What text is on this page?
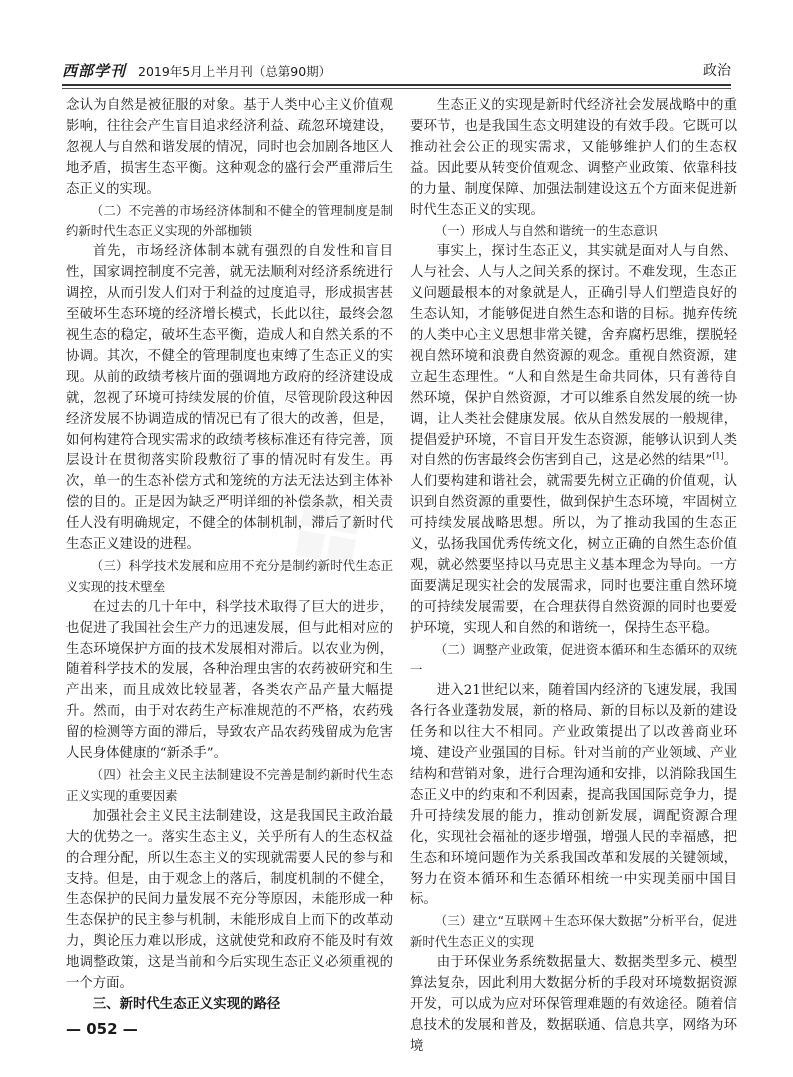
西部学刊 2019年5月上半月刊（总第90期）	政治

念认为自然是被征服的对象。基于人类中心主义价值观影响，往往会产生盲目追求经济利益、疏忽环境建设，忽视人与自然和谐发展的情况，同时也会加剧各地区人地矛盾，损害生态平衡。这种观念的盛行会严重滞后生态正义的实现。

（二）不完善的市场经济体制和不健全的管理制度是制约新时代生态正义实现的外部枷锁

首先，市场经济体制本就有强烈的自发性和盲目性，国家调控制度不完善，就无法顺利对经济系统进行调控，从而引发人们对于利益的过度追寻，形成损害甚至破坏生态环境的经济增长模式，长此以往，最终会忽视生态的稳定，破坏生态平衡，造成人和自然关系的不协调。其次，不健全的管理制度也束缚了生态正义的实现。从前的政绩考核片面的强调地方政府的经济建设成就，忽视了环境可持续发展的价值，尽管现阶段这种因经济发展不协调造成的情况已有了很大的改善，但是，如何构建符合现实需求的政绩考核标准还有待完善，顶层设计在贯彻落实阶段敷衍了事的情况时有发生。再次，单一的生态补偿方式和笼统的方法无法达到主体补偿的目的。正是因为缺乏严明详细的补偿条款，相关责任人没有明确规定，不健全的体制机制，滞后了新时代生态正义建设的进程。

（三）科学技术发展和应用不充分是制约新时代生态正义实现的技术壁垒

在过去的几十年中，科学技术取得了巨大的进步，也促进了我国社会生产力的迅速发展，但与此相对应的生态环境保护方面的技术发展相对滞后。以农业为例，随着科学技术的发展，各种治理虫害的农药被研究和生产出来，而且成效比较显著，各类农产品产量大幅提升。然而，由于对农药生产标准规范的不严格，农药残留的检测等方面的滞后，导致农产品农药残留成为危害人民身体健康的“新杀手”。

（四）社会主义民主法制建设不完善是制约新时代生态正义实现的重要因素

加强社会主义民主法制建设，这是我国民主政治最大的优势之一。落实生态主义，关乎所有人的生态权益的合理分配，所以生态主义的实现就需要人民的参与和支持。但是，由于观念上的落后，制度机制的不健全，生态保护的民间力量发展不充分等原因，未能形成一种生态保护的民主参与机制，未能形成自上而下的改革动力，舆论压力难以形成，这就使党和政府不能及时有效地调整政策，这是当前和今后实现生态正义必须重视的一个方面。

三、新时代生态正义实现的路径

生态正义的实现是新时代经济社会发展战略中的重要环节，也是我国生态文明建设的有效手段。它既可以推动社会公正的现实需求，又能够维护人们的生态权益。因此要从转变价值观念、调整产业政策、依靠科技的力量、制度保障、加强法制建设这五个方面来促进新时代生态正义的实现。

（一）形成人与自然和谐统一的生态意识

事实上，探讨生态正义，其实就是面对人与自然、人与社会、人与人之间关系的探讨。不难发现，生态正义问题最根本的对象就是人，正确引导人们塑造良好的生态认知，才能够促进自然生态和谐的目标。抛弃传统的人类中心主义思想非常关键，舍弃腐朽思维，摆脱轻视自然环境和浪费自然资源的观念。重视自然资源，建立起生态理性。“人和自然是生命共同体，只有善待自然环境，保护自然资源，才可以维系自然发展的统一协调，让人类社会健康发展。依从自然发展的一般规律，提倡爱护环境，不盲目开发生态资源，能够认识到人类对自然的伤害最终会伤害到自己，这是必然的结果”[1]。人们要构建和谐社会，就需要先树立正确的价值观，认识到自然资源的重要性，做到保护生态环境，牢固树立可持续发展战略思想。所以，为了推动我国的生态正义，弘扬我国优秀传统文化，树立正确的自然生态价值观，就必然要坚持以马克思主义基本理念为导向。一方面要满足现实社会的发展需求，同时也要注重自然环境的可持续发展需要，在合理获得自然资源的同时也要爱护环境，实现人和自然的和谐统一，保持生态平稳。

（二）调整产业政策，促进资本循环和生态循环的双统一

进入21世纪以来，随着国内经济的飞速发展，我国各行各业蓬勃发展，新的格局、新的目标以及新的建设任务和以往大不相同。产业政策提出了以改善商业环境、建设产业强国的目标。针对当前的产业领域、产业结构和营销对象，进行合理沟通和安排，以消除我国生态正义中的约束和不利因素，提高我国国际竞争力，提升可持续发展的能力，推动创新发展，调配资源合理化，实现社会福祉的逐步增强，增强人民的幸福感，把生态和环境问题作为关系我国改革和发展的关键领域，努力在资本循环和生态循环相统一中实现美丽中国目标。

（三）建立“互联网＋生态环保大数据”分析平台，促进新时代生态正义的实现

由于环保业务系统数据量大、数据类型多元、模型算法复杂，因此利用大数据分析的手段对环境数据资源开发，可以成为应对环保管理难题的有效途径。随着信息技术的发展和普及，数据联通、信息共享，网络为环境

— 052 —
